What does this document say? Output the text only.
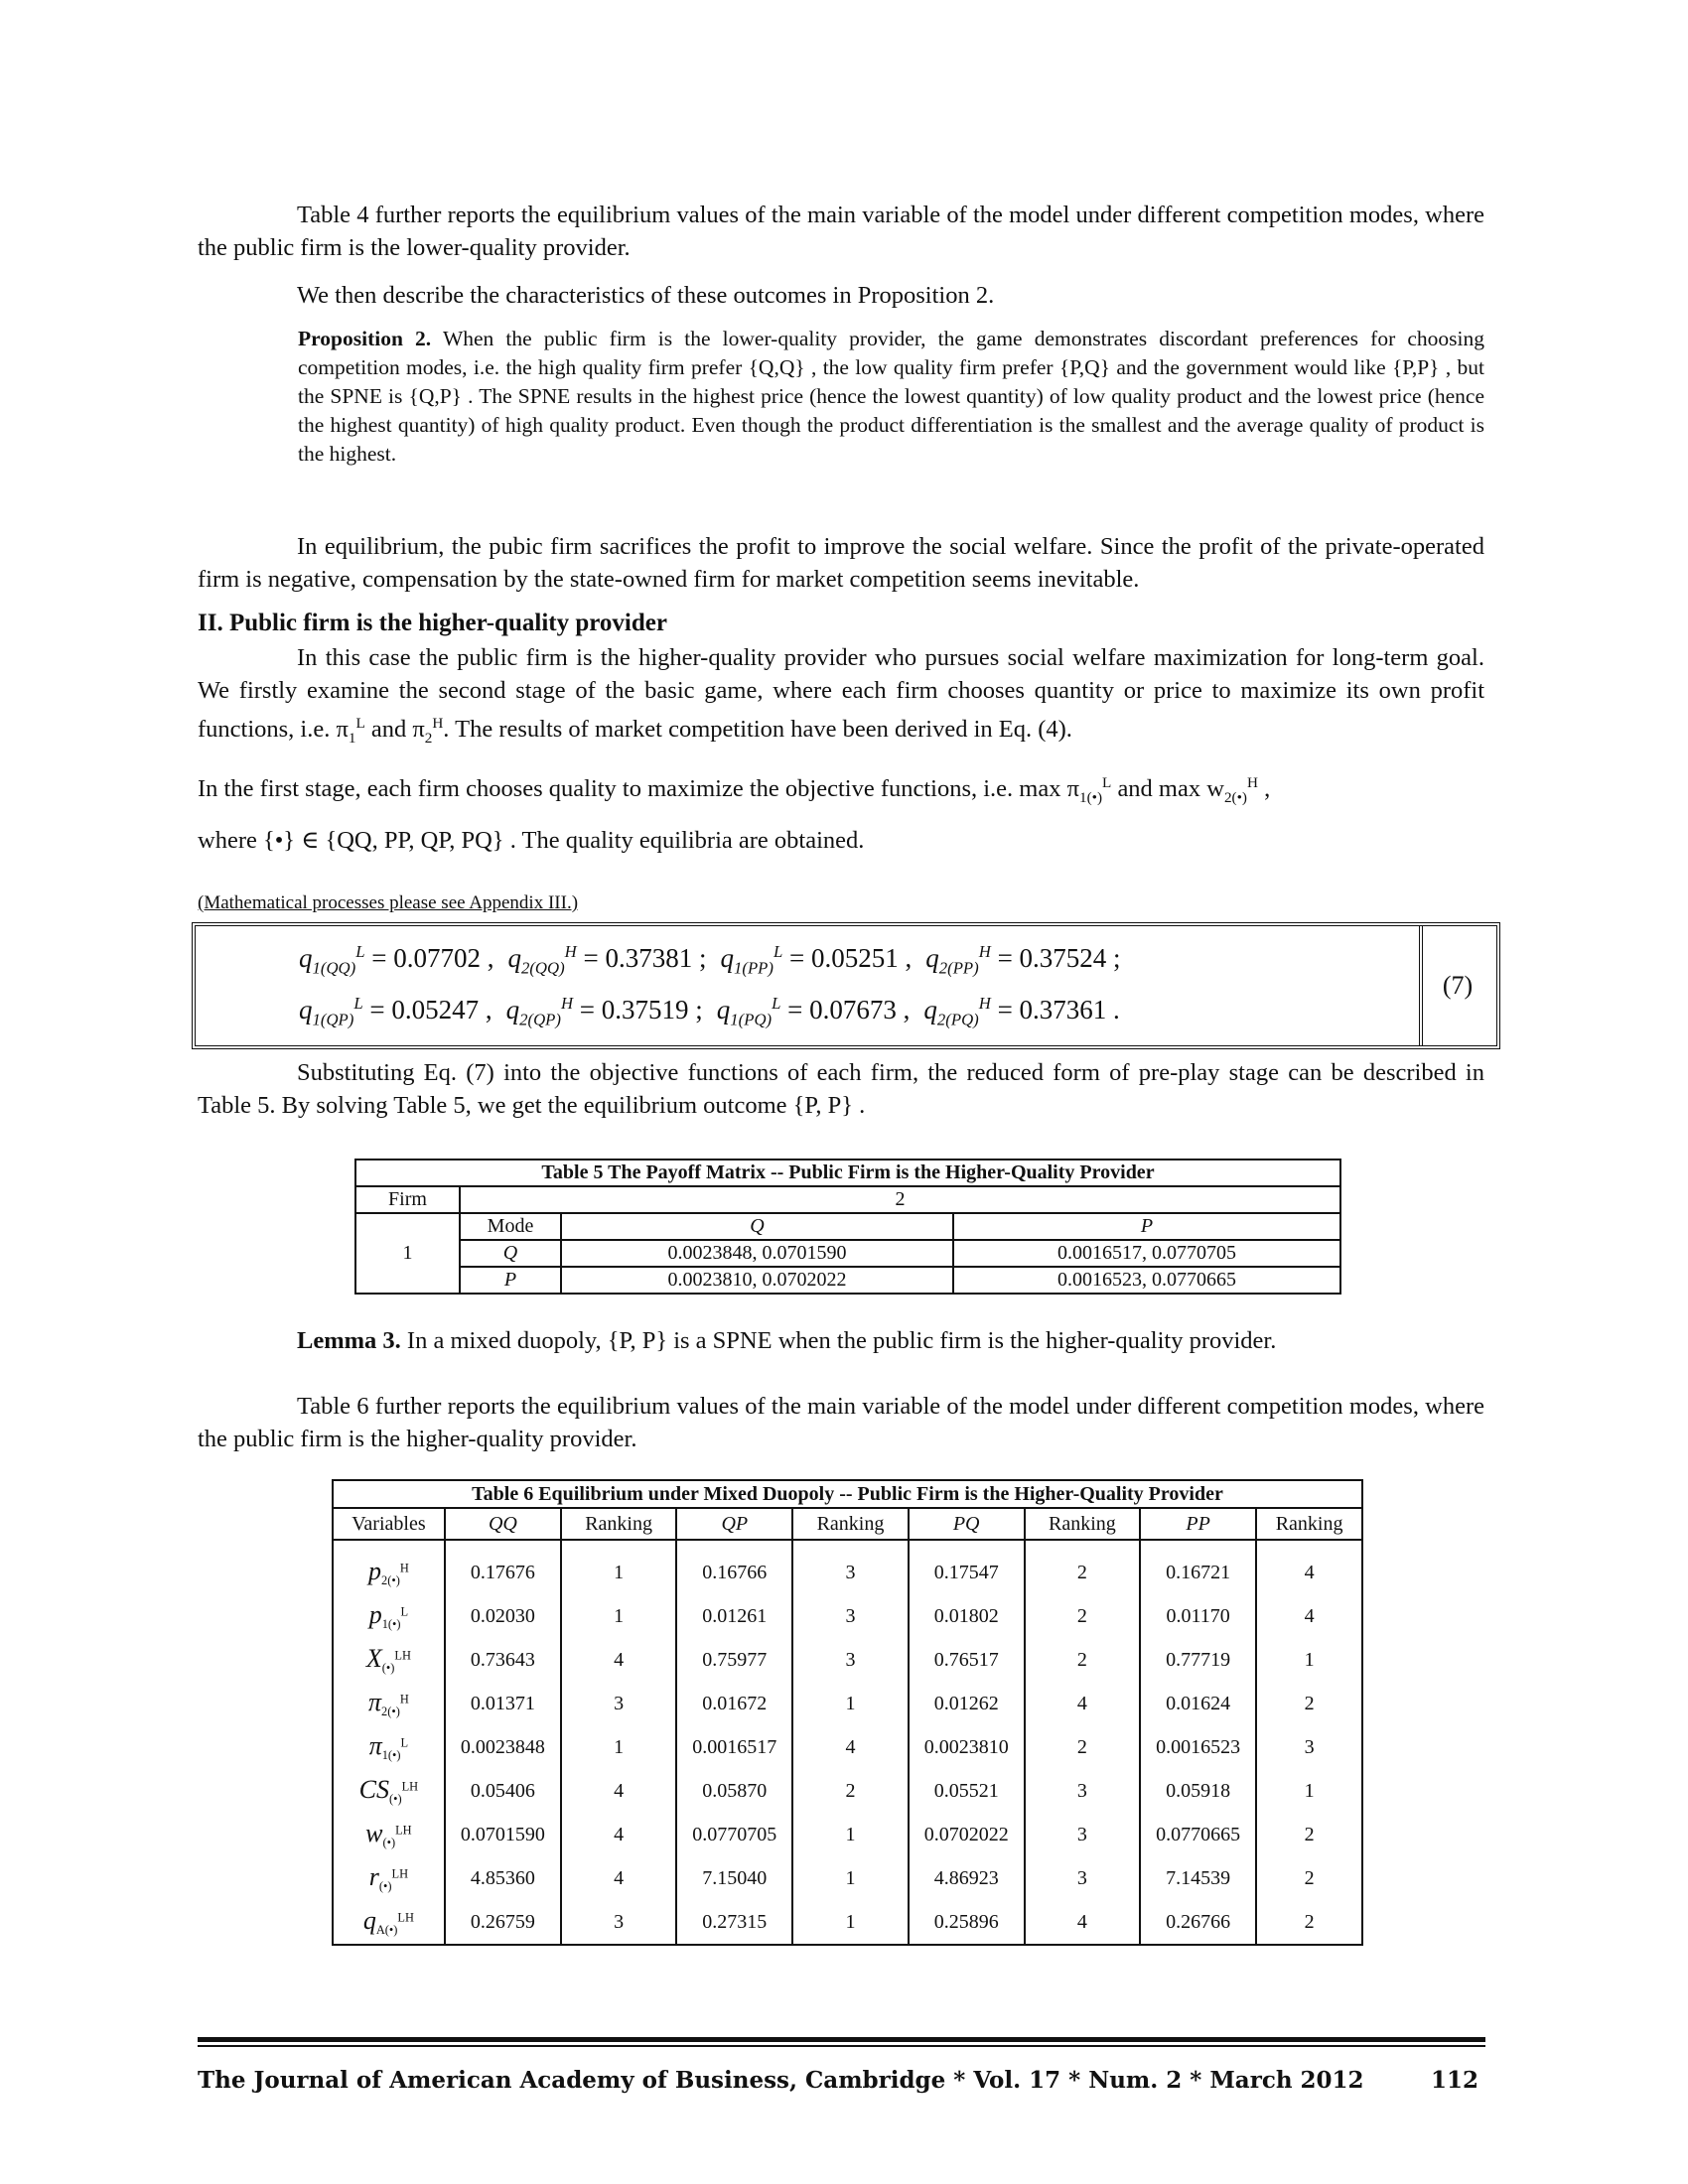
Table 4 further reports the equilibrium values of the main variable of the model under different competition modes, where the public firm is the lower-quality provider.

We then describe the characteristics of these outcomes in Proposition 2.

Proposition 2. When the public firm is the lower-quality provider, the game demonstrates discordant preferences for choosing competition modes, i.e. the high quality firm prefer {Q,Q} , the low quality firm prefer {P,Q} and the government would like {P,P} , but the SPNE is {Q,P} . The SPNE results in the highest price (hence the lowest quantity) of low quality product and the lowest price (hence the highest quantity) of high quality product. Even though the product differentiation is the smallest and the average quality of product is the highest.

In equilibrium, the pubic firm sacrifices the profit to improve the social welfare. Since the profit of the private-operated firm is negative, compensation by the state-owned firm for market competition seems inevitable.

II. Public firm is the higher-quality provider

In this case the public firm is the higher-quality provider who pursues social welfare maximization for long-term goal. We firstly examine the second stage of the basic game, where each firm chooses quantity or price to maximize its own profit functions, i.e. $\pi_1^L$ and $\pi_2^H$. The results of market competition have been derived in Eq. (4).

In the first stage, each firm chooses quality to maximize the objective functions, i.e. $\max \pi_{1(•)}^L$ and $\max w_{2(•)}^H$ ,

where {•} ∈ {QQ, PP, QP, PQ} . The quality equilibria are obtained.

(Mathematical processes please see Appendix III.)

$q_{1(QQ)}^L = 0.07702$ , $q_{2(QQ)}^H = 0.37381$ ; $q_{1(PP)}^L = 0.05251$ , $q_{2(PP)}^H = 0.37524$ ;
$q_{1(QP)}^L = 0.05247$ , $q_{2(QP)}^H = 0.37519$ ; $q_{1(PQ)}^L = 0.07673$ , $q_{2(PQ)}^H = 0.37361$ .
(7)

Substituting Eq. (7) into the objective functions of each firm, the reduced form of pre-play stage can be described in Table 5. By solving Table 5, we get the equilibrium outcome {P, P} .

Table 5 The Payoff Matrix -- Public Firm is the Higher-Quality Provider			
Firm	2		
1	Mode	Q	P
	Q	0.0023848, 0.0701590	0.0016517, 0.0770705
	P	0.0023810, 0.0702022	0.0016523, 0.0770665

Lemma 3. In a mixed duopoly, {P, P} is a SPNE when the public firm is the higher-quality provider.

Table 6 further reports the equilibrium values of the main variable of the model under different competition modes, where the public firm is the higher-quality provider.

Table 6 Equilibrium under Mixed Duopoly -- Public Firm is the Higher-Quality Provider								
Variables	QQ	Ranking	QP	Ranking	PQ	Ranking	PP	Ranking
$p_{2(•)}^H$	0.17676	1	0.16766	3	0.17547	2	0.16721	4
$p_{1(•)}^L$	0.02030	1	0.01261	3	0.01802	2	0.01170	4
$X_{(•)}^{LH}$	0.73643	4	0.75977	3	0.76517	2	0.77719	1
$\pi_{2(•)}^H$	0.01371	3	0.01672	1	0.01262	4	0.01624	2
$\pi_{1(•)}^L$	0.0023848	1	0.0016517	4	0.0023810	2	0.0016523	3
$CS_{(•)}^{LH}$	0.05406	4	0.05870	2	0.05521	3	0.05918	1
$w_{(•)}^{LH}$	0.0701590	4	0.0770705	1	0.0702022	3	0.0770665	2
$r_{(•)}^{LH}$	4.85360	4	7.15040	1	4.86923	3	7.14539	2
$q_{A(•)}^{LH}$	0.26759	3	0.27315	1	0.25896	4	0.26766	2
The Journal of American Academy of Business, Cambridge * Vol. 17 * Num. 2 * March 2012	112
